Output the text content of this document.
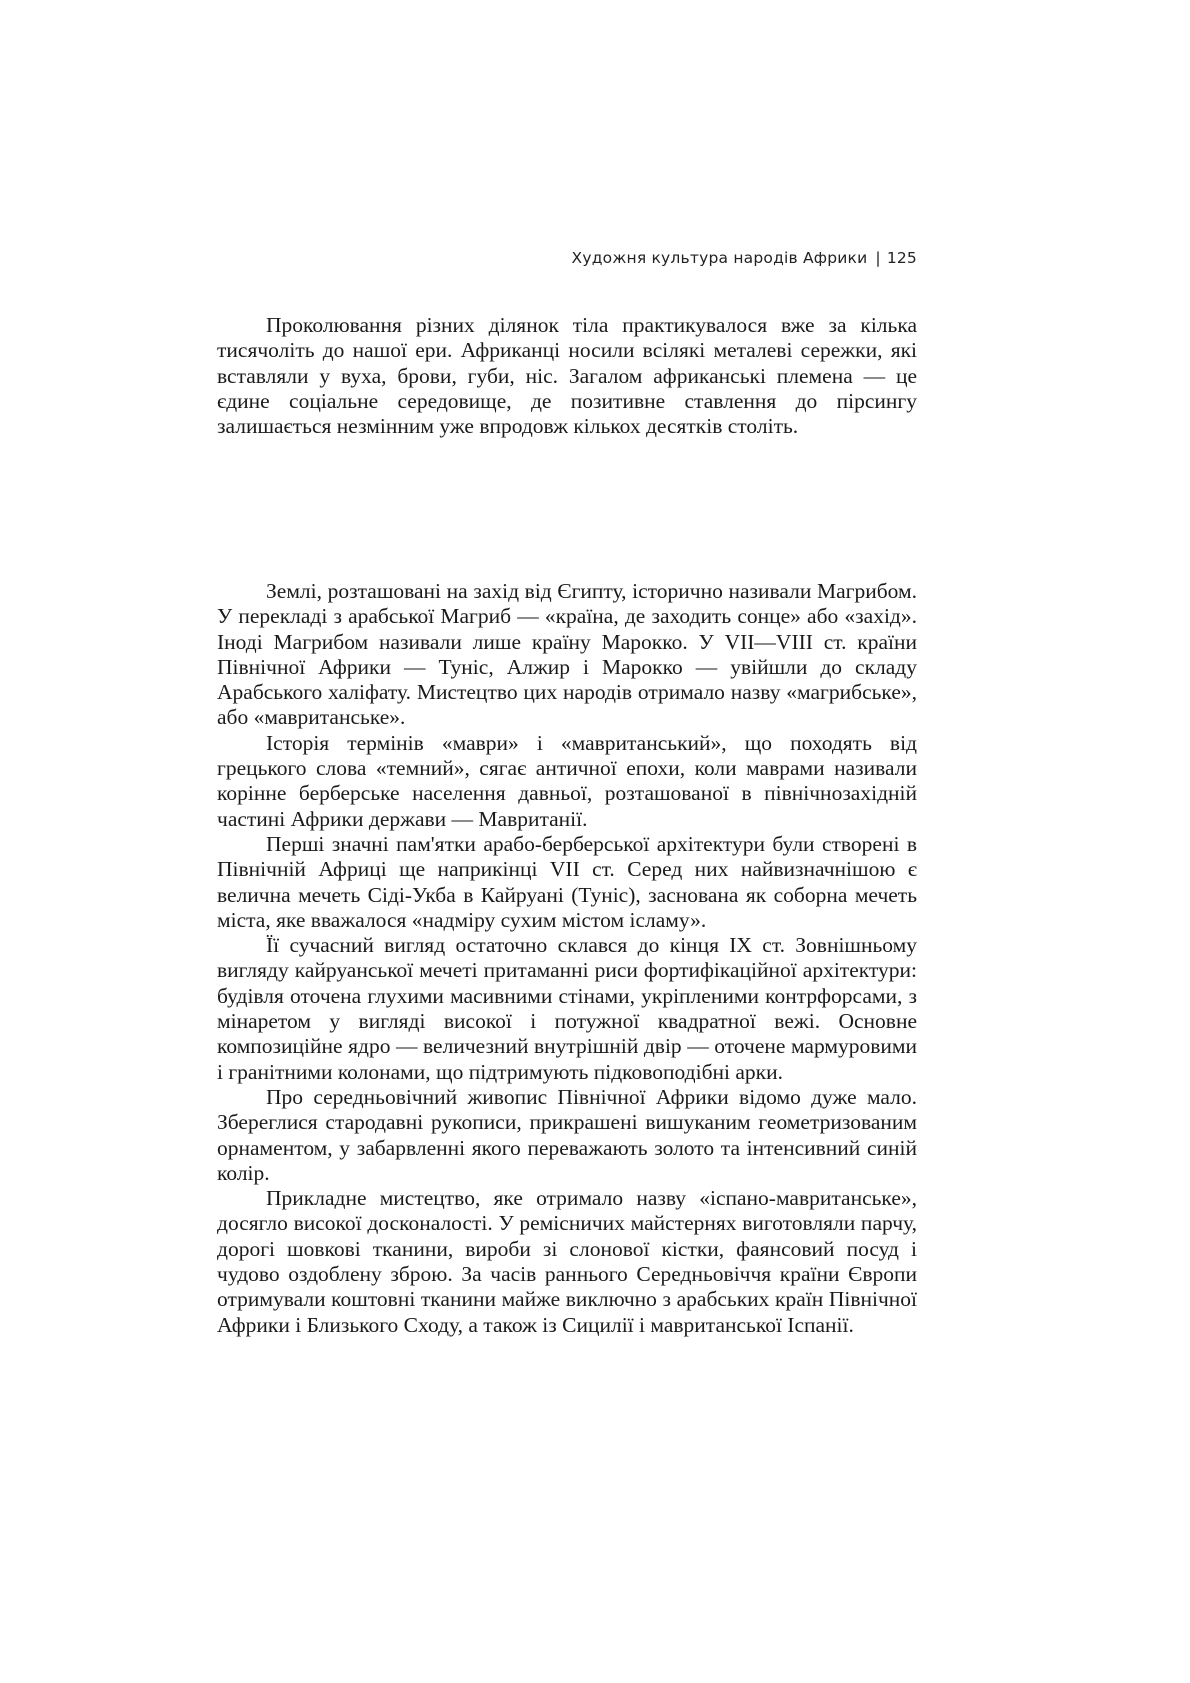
Художня культура народів Африки | 125

Проколювання різних ділянок тіла практикувалося вже за кілька тисячоліть до нашої ери. Африканці носили всілякі металеві сережки, які вставляли у вуха, брови, губи, ніс. Загалом африканські племена — це єдине соціальне середовище, де позитивне ставлення до пірсингу залишається незмінним уже впродовж кількох десятків століть.

Землі, розташовані на захід від Єгипту, історично називали Магрибом. У перекладі з арабської Магриб — «країна, де заходить сонце» або «захід». Іноді Магрибом називали лише країну Марокко. У VII—VIII ст. країни Північної Африки — Туніс, Алжир і Марокко — увійшли до складу Арабського халіфату. Мистецтво цих народів отримало назву «магрибське», або «мавританське».

Історія термінів «маври» і «мавританський», що походять від грецького слова «темний», сягає античної епохи, коли маврами називали корінне берберське населення давньої, розташованої в північнозахідній частині Африки держави — Мавританії.

Перші значні пам'ятки арабо-берберської архітектури були створені в Північній Африці ще наприкінці VII ст. Серед них найвизначнішою є велична мечеть Сіді-Укба в Кайруані (Туніс), заснована як соборна мечеть міста, яке вважалося «надміру сухим містом ісламу».

Її сучасний вигляд остаточно склався до кінця IX ст. Зовнішньому вигляду кайруанської мечеті притаманні риси фортифікаційної архітектури: будівля оточена глухими масивними стінами, укріпленими контрфорсами, з мінаретом у вигляді високої і потужної квадратної вежі. Основне композиційне ядро — величезний внутрішній двір — оточене мармуровими і гранітними колонами, що підтримують підковоподібні арки.

Про середньовічний живопис Північної Африки відомо дуже мало. Збереглися стародавні рукописи, прикрашені вишуканим геометризованим орнаментом, у забарвленні якого переважають золото та інтенсивний синій колір.

Прикладне мистецтво, яке отримало назву «іспано-мавританське», досягло високої досконалості. У ремісничих майстернях виготовляли парчу, дорогі шовкові тканини, вироби зі слонової кістки, фаянсовий посуд і чудово оздоблену зброю. За часів раннього Середньовіччя країни Європи отримували коштовні тканини майже виключно з арабських країн Північної Африки і Близького Сходу, а також із Сицилії і мавританської Іспанії.
